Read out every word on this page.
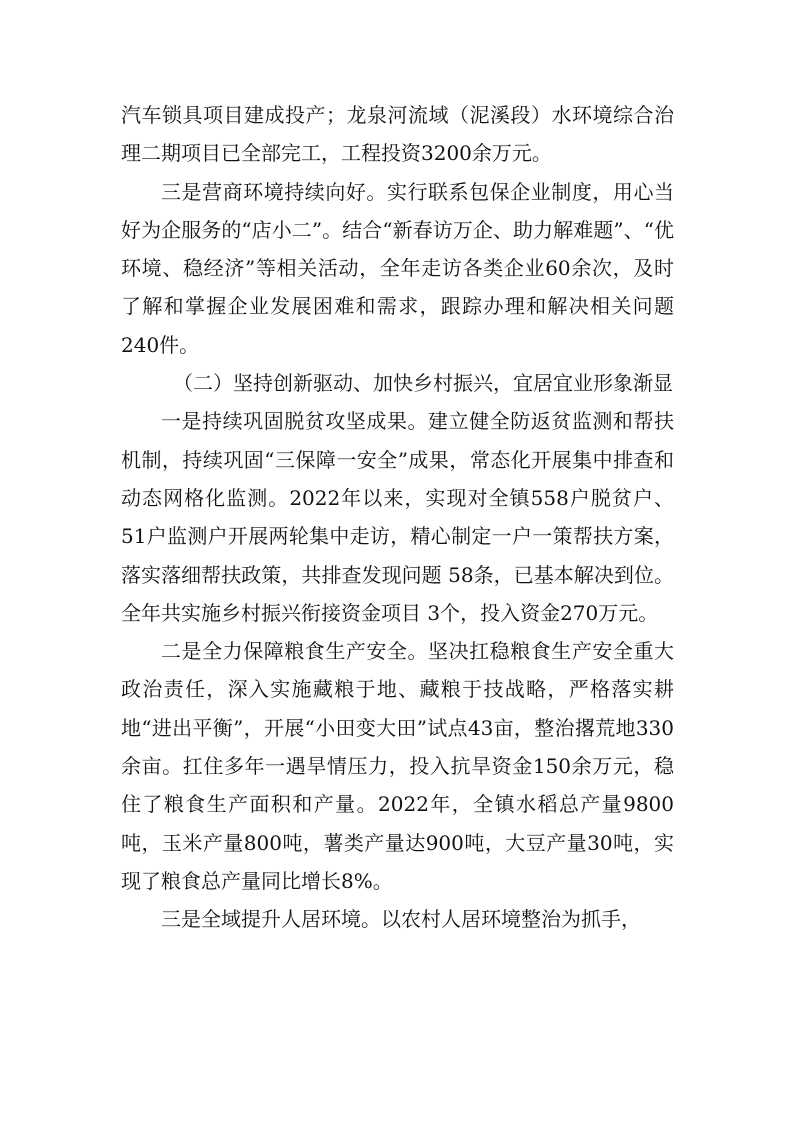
汽车锁具项目建成投产；龙泉河流域（泥溪段）水环境综合治理二期项目已全部完工，工程投资3200余万元。

三是营商环境持续向好。实行联系包保企业制度，用心当好为企服务的“店小二”。结合“新春访万企、助力解难题”、“优环境、稳经济”等相关活动，全年走访各类企业60余次，及时了解和掌握企业发展困难和需求，跟踪办理和解决相关问题240件。

（二）坚持创新驱动、加快乡村振兴，宜居宜业形象渐显

一是持续巩固脱贫攻坚成果。建立健全防返贫监测和帮扶机制，持续巩固“三保障一安全”成果，常态化开展集中排查和动态网格化监测。2022年以来，实现对全镇558户脱贫户、51户监测户开展两轮集中走访，精心制定一户一策帮扶方案，落实落细帮扶政策，共排查发现问题 58条，已基本解决到位。全年共实施乡村振兴衔接资金项目 3个，投入资金270万元。

二是全力保障粮食生产安全。坚决扛稳粮食生产安全重大政治责任，深入实施藏粮于地、藏粮于技战略，严格落实耕地“进出平衡”，开展“小田变大田”试点43亩，整治撂荒地330余亩。扛住多年一遇旱情压力，投入抗旱资金150余万元，稳住了粮食生产面积和产量。2022年，全镇水稻总产量9800吨，玉米产量800吨，薯类产量达900吨，大豆产量30吨，实现了粮食总产量同比增长8%。

三是全域提升人居环境。以农村人居环境整治为抓手，
